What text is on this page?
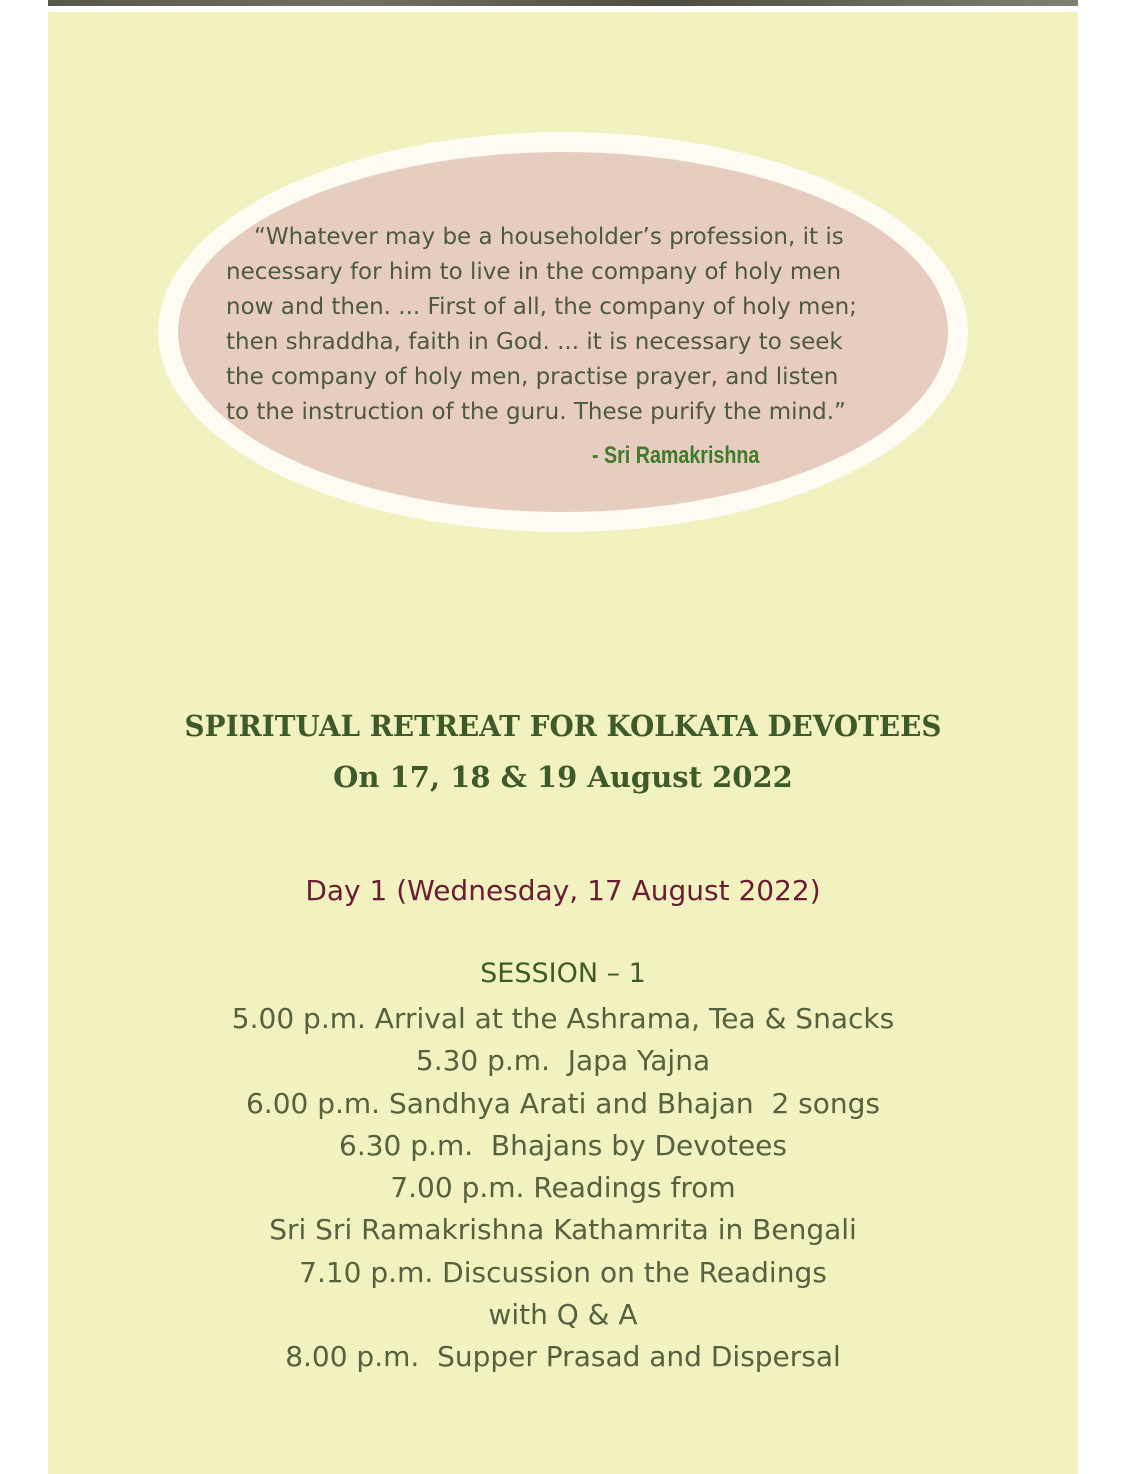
“Whatever may be a householder’s profession, it is
necessary for him to live in the company of holy men
now and then. ... First of all, the company of holy men;
then shraddha, faith in God. ... it is necessary to seek
the company of holy men, practise prayer, and listen
to the instruction of the guru. These purify the mind.”

- Sri Ramakrishna
SPIRITUAL RETREAT FOR KOLKATA DEVOTEES
On 17, 18 & 19 August 2022
Day 1 (Wednesday, 17 August 2022)
SESSION – 1
5.00 p.m. Arrival at the Ashrama, Tea & Snacks
5.30 p.m.  Japa Yajna
6.00 p.m. Sandhya Arati and Bhajan  2 songs
6.30 p.m.  Bhajans by Devotees
7.00 p.m. Readings from
Sri Sri Ramakrishna Kathamrita in Bengali
7.10 p.m. Discussion on the Readings
with Q & A
8.00 p.m.  Supper Prasad and Dispersal
